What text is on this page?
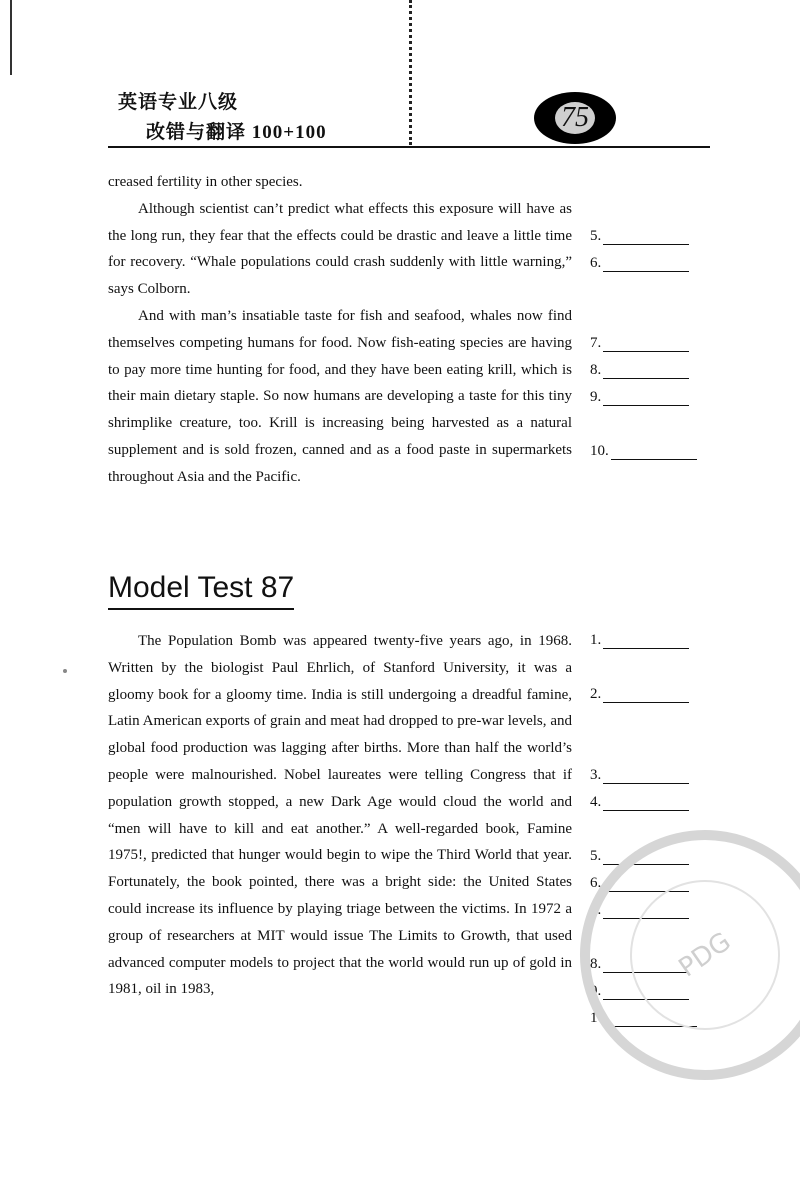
英语专业八级
改错与翻译 100+100	75

creased fertility in other species.

Although scientist can’t predict what effects this exposure will have as the long run, they fear that the effects could be drastic and leave a little time for recovery. “Whale populations could crash suddenly with little warning,” says Colborn.

And with man’s insatiable taste for fish and seafood, whales now find themselves competing humans for food. Now fish-eating species are having to pay more time hunting for food, and they have been eating krill, which is their main dietary staple. So now humans are developing a taste for this tiny shrimplike creature, too. Krill is increasing being harvested as a natural supplement and is sold frozen, canned and as a food paste in supermarkets throughout Asia and the Pacific.

5.
6.
7.
8.
9.
10.
Model Test 87

The Population Bomb was appeared twenty-five years ago, in 1968. Written by the biologist Paul Ehrlich, of Stanford University, it was a gloomy book for a gloomy time. India is still undergoing a dreadful famine, Latin American exports of grain and meat had dropped to pre-war levels, and global food production was lagging after births. More than half the world’s people were malnourished. Nobel laureates were telling Congress that if population growth stopped, a new Dark Age would cloud the world and “men will have to kill and eat another.” A well-regarded book, Famine 1975!, predicted that hunger would begin to wipe the Third World that year. Fortunately, the book pointed, there was a bright side: the United States could increase its influence by playing triage between the victims. In 1972 a group of researchers at MIT would issue The Limits to Growth, that used advanced computer models to project that the world would run up of gold in 1981, oil in 1983,

1.
2.
3.
4.
5.
6.
7.
8.
9.
10.
PDG
